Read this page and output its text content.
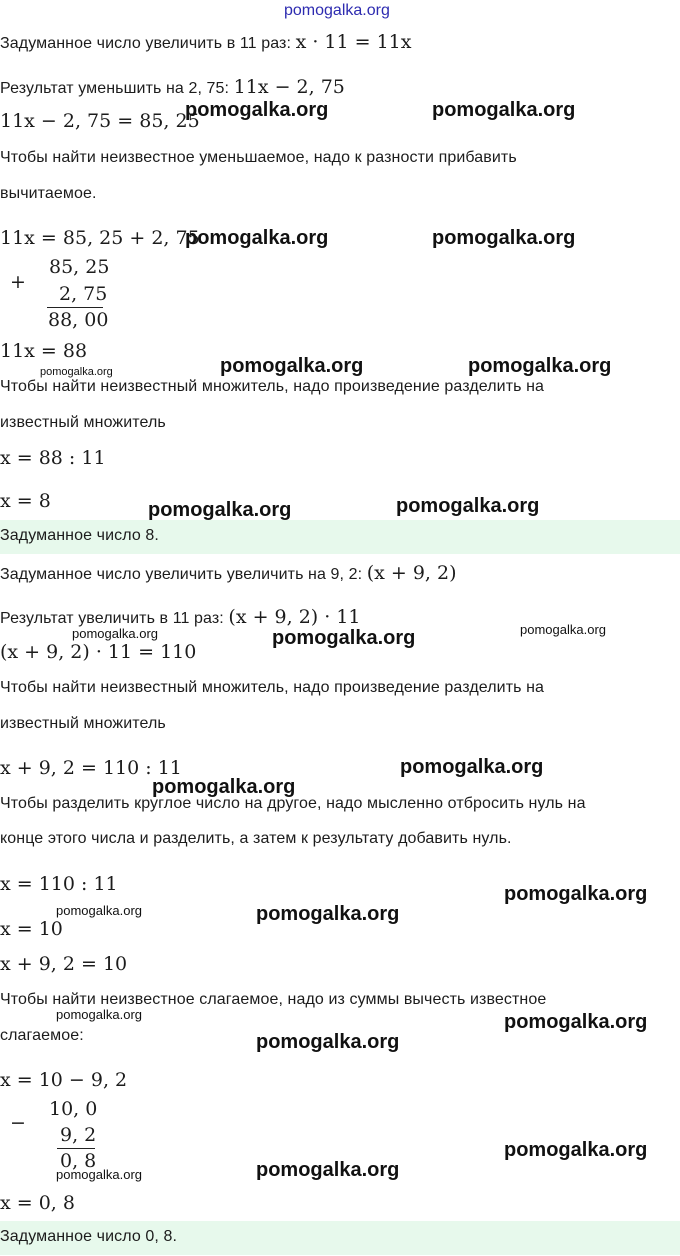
pomogalka.org
Задуманное число увеличить в 11 раз: x · 11 = 11x
Результат уменьшить на 2, 75: 11x − 2, 75
11x − 2, 75 = 85, 25
Чтобы найти неизвестное уменьшаемое, надо к разности прибавить
вычитаемое.
11x = 85, 25 + 2, 75
+
85, 25
2, 75
88, 00
11x = 88
Чтобы найти неизвестный множитель, надо произведение разделить на
известный множитель
x = 88 : 11
x = 8
Задуманное число 8.
Задуманное число увеличить увеличить на 9, 2: (x + 9, 2)
Результат увеличить в 11 раз: (x + 9, 2) · 11
(x + 9, 2) · 11 = 110
Чтобы найти неизвестный множитель, надо произведение разделить на
известный множитель
x + 9, 2 = 110 : 11
Чтобы разделить круглое число на другое, надо мысленно отбросить нуль на
конце этого числа и разделить, а затем к результату добавить нуль.
x = 110 : 11
x = 10
x + 9, 2 = 10
Чтобы найти неизвестное слагаемое, надо из суммы вычесть известное
слагаемое:
x = 10 − 9, 2
−
10, 0
9, 2
0, 8
x = 0, 8
Задуманное число 0, 8.
pomogalka.org	pomogalka.org
pomogalka.org	pomogalka.org
pomogalka.org	pomogalka.org	pomogalka.org
pomogalka.org	pomogalka.org
pomogalka.org	pomogalka.org	pomogalka.org
pomogalka.org
pomogalka.org
pomogalka.org
pomogalka.org	pomogalka.org
pomogalka.org	pomogalka.org
pomogalka.org
pomogalka.org
pomogalka.org	pomogalka.org
